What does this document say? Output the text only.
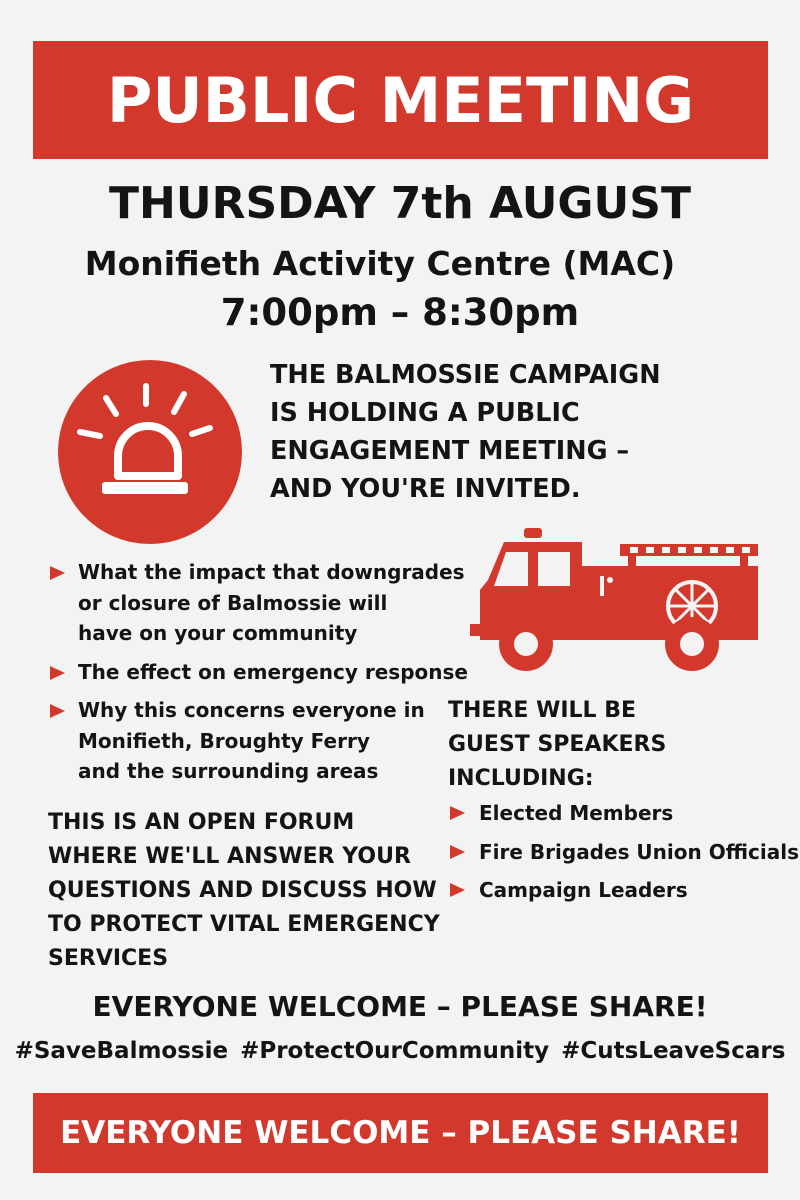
PUBLIC MEETING
THURSDAY 7th AUGUST
Monifieth Activity Centre (MAC)
7:00pm – 8:30pm
THE BALMOSSIE CAMPAIGN
IS HOLDING A PUBLIC
ENGAGEMENT MEETING –
AND YOU'RE INVITED.
What the impact that downgrades
or closure of Balmossie will
have on your community
The effect on emergency response
Why this concerns everyone in
Monifieth, Broughty Ferry
and the surrounding areas
THIS IS AN OPEN FORUM
WHERE WE'LL ANSWER YOUR
QUESTIONS AND DISCUSS HOW
TO PROTECT VITAL EMERGENCY
SERVICES
THERE WILL BE
GUEST SPEAKERS
INCLUDING:
Elected Members
Fire Brigades Union Officials
Campaign Leaders
EVERYONE WELCOME – PLEASE SHARE!
#SaveBalmossie #ProtectOurCommunity #CutsLeaveScars
EVERYONE WELCOME – PLEASE SHARE!
